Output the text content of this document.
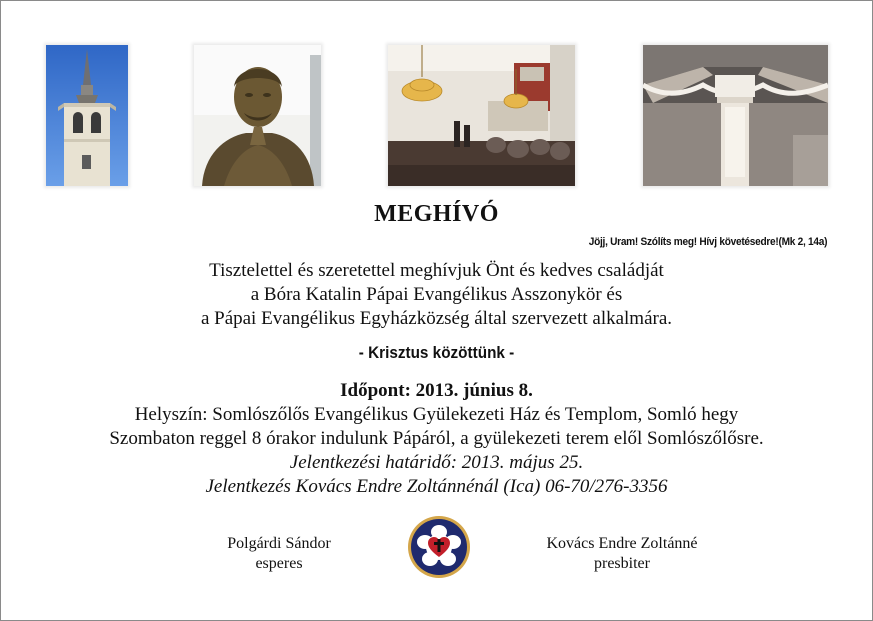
MEGHÍVÓ
Jöjj, Uram! Szólíts meg! Hívj követésedre!(Mk 2, 14a)
Tisztelettel és szeretettel meghívjuk Önt és kedves családját
a Bóra Katalin Pápai Evangélikus Asszonykör és
a Pápai Evangélikus Egyházközség által szervezett alkalmára.
- Krisztus közöttünk -
Időpont: 2013. június 8.
Helyszín: Somlószőlős Evangélikus Gyülekezeti Ház és Templom, Somló hegy
Szombaton reggel 8 órakor indulunk Pápáról, a gyülekezeti terem elől Somlószőlősre.
Jelentkezési határidő: 2013. május 25.
Jelentkezés Kovács Endre Zoltánnénál (Ica) 06-70/276-3356
Polgárdi Sándor
esperes
Kovács Endre Zoltánné
presbiter
